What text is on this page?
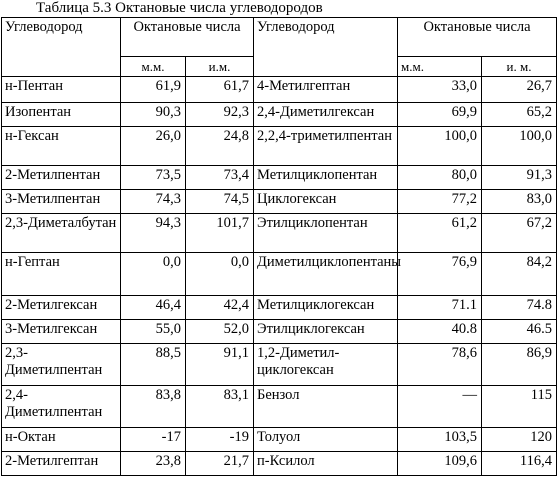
Таблица 5.3 Октановые числа углеводородов
Углеводород	Октановые числа		Углеводород	Октановые числа	
	м.м.	и.м.		м.м.	и. м.
н-Пентан	61,9	61,7	4-Метилгептан	33,0	26,7
Изопентан	90,3	92,3	2,4-Диметилгексан	69,9	65,2
н-Гексан	26,0	24,8	2,2,4-триметилпентан	100,0	100,0
2-Метилпентан	73,5	73,4	Метилциклопентан	80,0	91,3
3-Метилпентан	74,3	74,5	Циклогексан	77,2	83,0
2,3-Диметалбутан	94,3	101,7	Этилциклопентан	61,2	67,2
н-Гептан	0,0	0,0	Диметилциклопентаны	76,9	84,2
2-Метилгексан	46,4	42,4	Метилциклогексан	71.1	74.8
3-Метилгексан	55,0	52,0	Этилциклогексан	40.8	46.5
2,3-Диметилпентан	88,5	91,1	1,2-Диметил-циклогексан	78,6	86,9
2,4-Диметилпентан	83,8	83,1	Бензол	—	115
н-Октан	-17	-19	Толуол	103,5	120
2-Метилгептан	23,8	21,7	п-Ксилол	109,6	116,4
